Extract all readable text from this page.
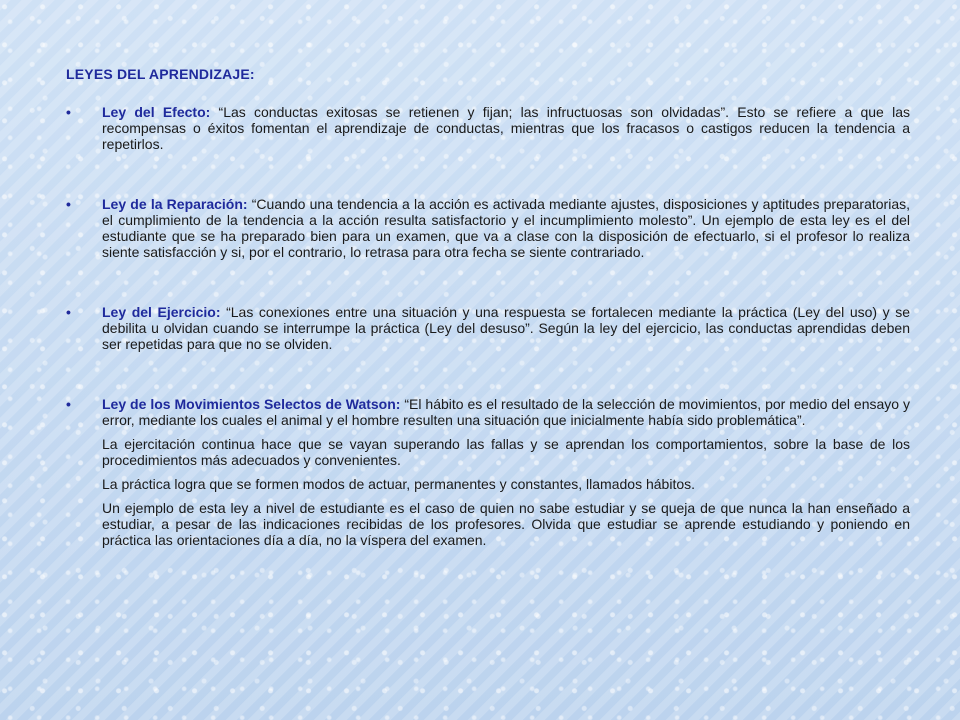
LEYES DEL APRENDIZAJE:
• Ley del Efecto: “Las conductas exitosas se retienen y fijan; las infructuosas son olvidadas”. Esto se refiere a que las recompensas o éxitos fomentan el aprendizaje de conductas, mientras que los fracasos o castigos reducen la tendencia a repetirlos.

• Ley de la Reparación: “Cuando una tendencia a la acción es activada mediante ajustes, disposiciones y aptitudes preparatorias, el cumplimiento de la tendencia a la acción resulta satisfactorio y el incumplimiento molesto”. Un ejemplo de esta ley es el del estudiante que se ha preparado bien para un examen, que va a clase con la disposición de efectuarlo, si el profesor lo realiza siente satisfacción y si, por el contrario, lo retrasa para otra fecha se siente contrariado.

• Ley del Ejercicio: “Las conexiones entre una situación y una respuesta se fortalecen mediante la práctica (Ley del uso) y se debilita u olvidan cuando se interrumpe la práctica (Ley del desuso”. Según la ley del ejercicio, las conductas aprendidas deben ser repetidas para que no se olviden.

• Ley de los Movimientos Selectos de Watson: “El hábito es el resultado de la selección de movimientos, por medio del ensayo y error, mediante los cuales el animal y el hombre resulten una situación que inicialmente había sido problemática”.

La ejercitación continua hace que se vayan superando las fallas y se aprendan los comportamientos, sobre la base de los procedimientos más adecuados y convenientes.

La práctica logra que se formen modos de actuar, permanentes y constantes, llamados hábitos.

Un ejemplo de esta ley a nivel de estudiante es el caso de quien no sabe estudiar y se queja de que nunca la han enseñado a estudiar, a pesar de las indicaciones recibidas de los profesores. Olvida que estudiar se aprende estudiando y poniendo en práctica las orientaciones día a día, no la víspera del examen.
